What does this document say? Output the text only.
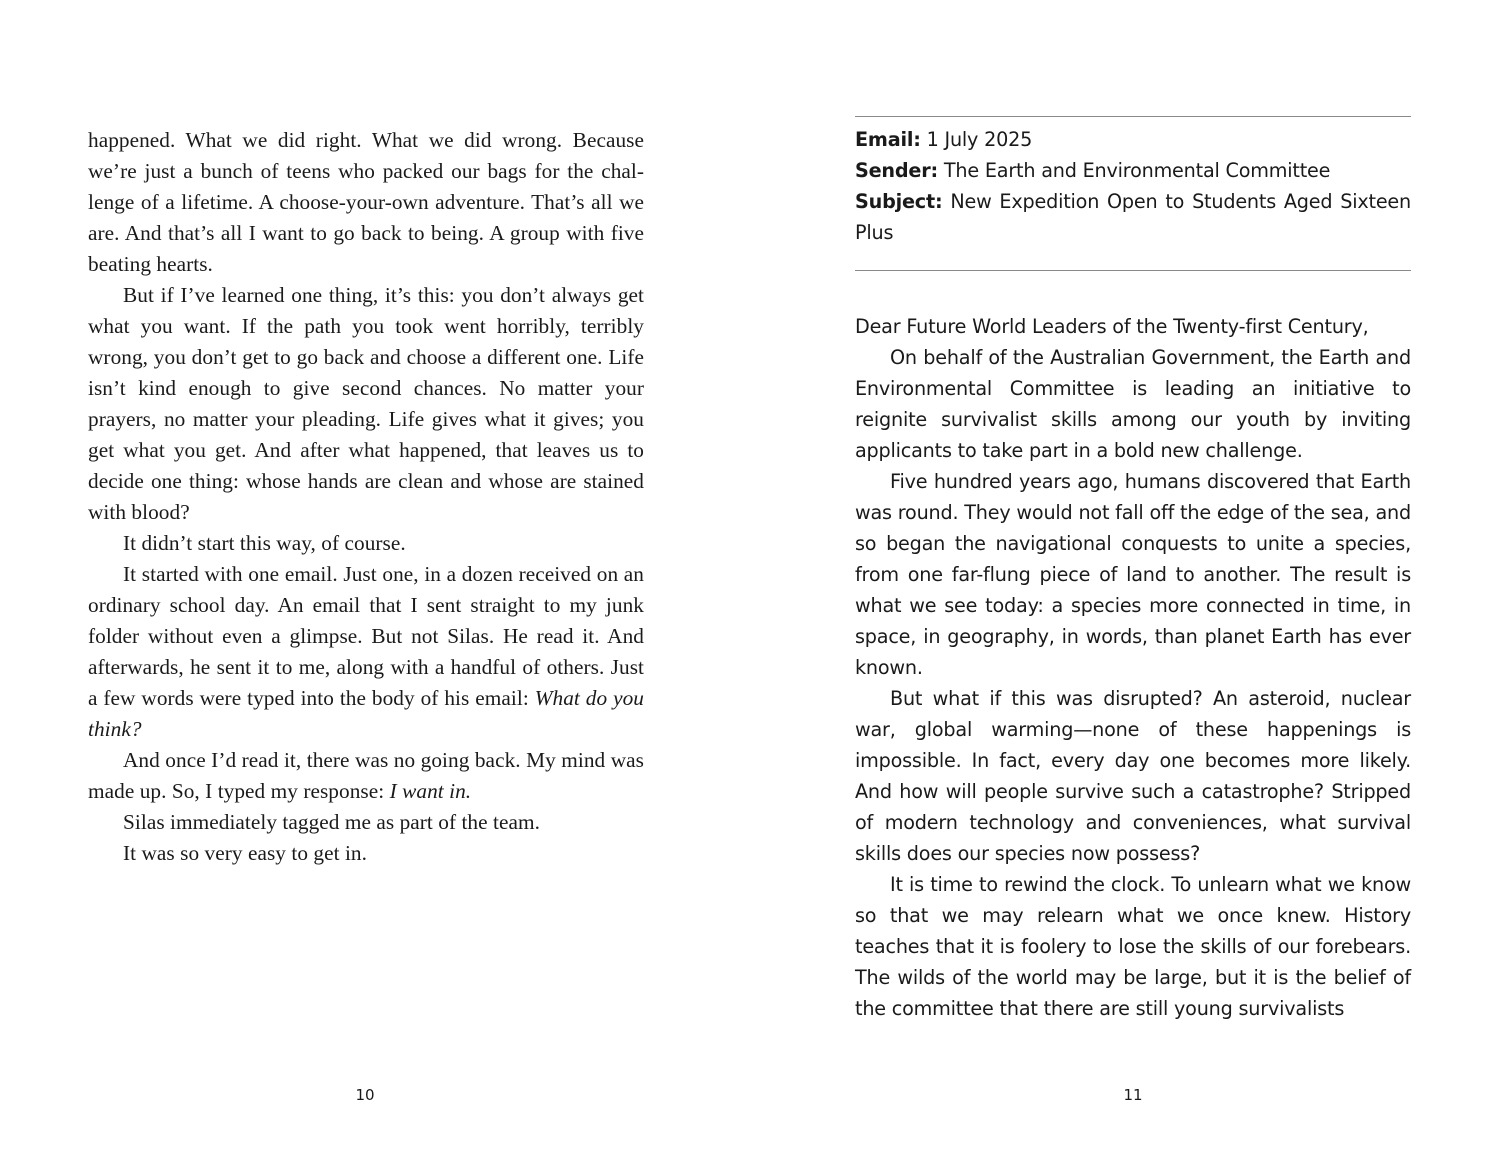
happened. What we did right. What we did wrong. Because we’re just a bunch of teens who packed our bags for the challenge of a lifetime. A choose-your-own adventure. That’s all we are. And that’s all I want to go back to being. A group with five beating hearts.

But if I’ve learned one thing, it’s this: you don’t always get what you want. If the path you took went horribly, terribly wrong, you don’t get to go back and choose a different one. Life isn’t kind enough to give second chances. No matter your prayers, no matter your pleading. Life gives what it gives; you get what you get. And after what happened, that leaves us to decide one thing: whose hands are clean and whose are stained with blood?

It didn’t start this way, of course.

It started with one email. Just one, in a dozen received on an ordinary school day. An email that I sent straight to my junk folder without even a glimpse. But not Silas. He read it. And afterwards, he sent it to me, along with a handful of others. Just a few words were typed into the body of his email: What do you think?

And once I’d read it, there was no going back. My mind was made up. So, I typed my response: I want in.

Silas immediately tagged me as part of the team.

It was so very easy to get in.

10
Email: 1 July 2025
Sender: The Earth and Environmental Committee
Subject: New Expedition Open to Students Aged Sixteen Plus

Dear Future World Leaders of the Twenty-first Century,

On behalf of the Australian Government, the Earth and Environmental Committee is leading an initiative to reignite survivalist skills among our youth by inviting applicants to take part in a bold new challenge.

Five hundred years ago, humans discovered that Earth was round. They would not fall off the edge of the sea, and so began the navigational conquests to unite a species, from one far-flung piece of land to another. The result is what we see today: a species more connected in time, in space, in geography, in words, than planet Earth has ever known.

But what if this was disrupted? An asteroid, nuclear war, global warming—none of these happenings is impossible. In fact, every day one becomes more likely. And how will people survive such a catastrophe? Stripped of modern technology and conveniences, what survival skills does our species now possess?

It is time to rewind the clock. To unlearn what we know so that we may relearn what we once knew. History teaches that it is foolery to lose the skills of our forebears. The wilds of the world may be large, but it is the belief of the committee that there are still young survivalists

11
